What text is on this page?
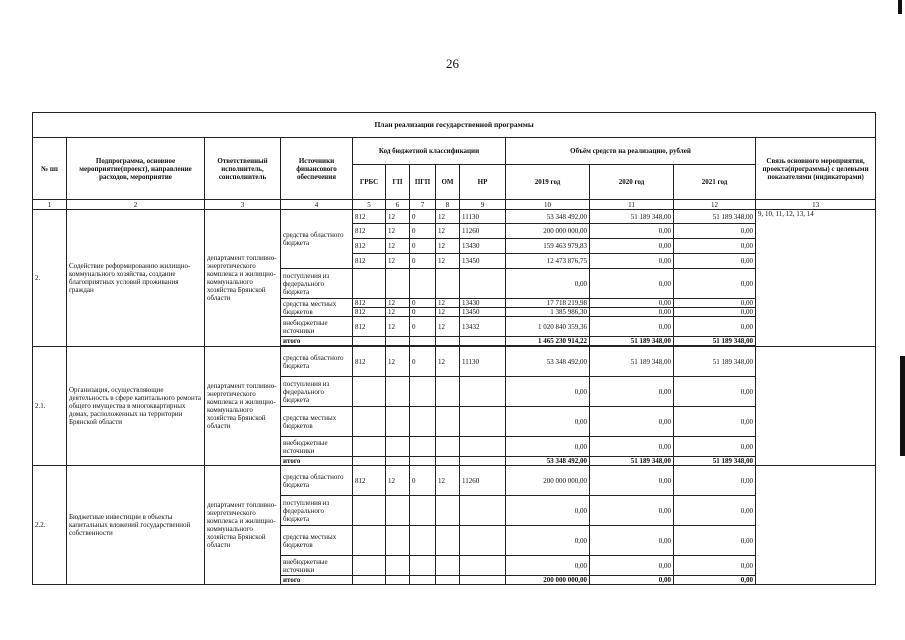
26
План реализации государственной программы												
№ пп	Подпрограмма, основное мероприятие(проект), направление расходов, мероприятие	Ответственный исполнитель, соисполнитель	Источники финансового обеспечения	Код бюджетной классификации					Объём средств на реализацию, рублей			Связь основного мероприятия, проекта(программы) с целевыми показателями (индикаторами)
				ГРБС	ГП	ПГП	ОМ	НР	2019 год	2020 год	2021 год	
1	2	3	4	5	6	7	8	9	10	11	12	13
2.	Содействие реформированию жилищно-коммунального хозяйства, создание благоприятных условий проживания граждан	департамент топливно-энергетического комплекса и жилищно-коммунального хозяйства Брянской области	средства областного бюджета	812	12	0	12	11130	53 348 492,00	51 189 348,00	51 189 348,00	9, 10, 11, 12, 13, 14
				812	12	0	12	11260	200 000 000,00	0,00	0,00	
				812	12	0	12	13430	159 463 979,83	0,00	0,00	
				812	12	0	12	13450	12 473 876,75	0,00	0,00	
			поступления из федерального бюджета						0,00	0,00	0,00	
			средства местных бюджетов	812	12	0	12	13430	17 718 219,98	0,00	0,00	
				812	12	0	12	13450	1 385 986,30	0,00	0,00	
			внебюджетные источники	812	12	0	12	13432	1 020 840 359,36	0,00	0,00	
			итого						1 465 230 914,22	51 189 348,00	51 189 348,00	

2.1.	Организация, осуществляющие деятельность в сфере капитального ремонта общего имущества в многоквартирных домах, расположенных на территории Брянской области	департамент топливно-энергетического комплекса и жилищно-коммунального хозяйства Брянской области	средства областного бюджета	812	12	0	12	11130	53 348 492,00	51 189 348,00	51 189 348,00	
			поступления из федерального бюджета						0,00	0,00	0,00	
			средства местных бюджетов						0,00	0,00	0,00	
			внебюджетные источники						0,00	0,00	0,00	
			итого						53 348 492,00	51 189 348,00	51 189 348,00	
2.2.	Бюджетные инвестиции в объекты капитальных вложений государственной собственности	департамент топливно-энергетического комплекса и жилищно-коммунального хозяйства Брянской области	средства областного бюджета	812	12	0	12	11260	200 000 000,00	0,00	0,00	
			поступления из федерального бюджета						0,00	0,00	0,00	
			средства местных бюджетов						0,00	0,00	0,00	
			внебюджетные источники						0,00	0,00	0,00	
			итого						200 000 000,00	0,00	0,00	
